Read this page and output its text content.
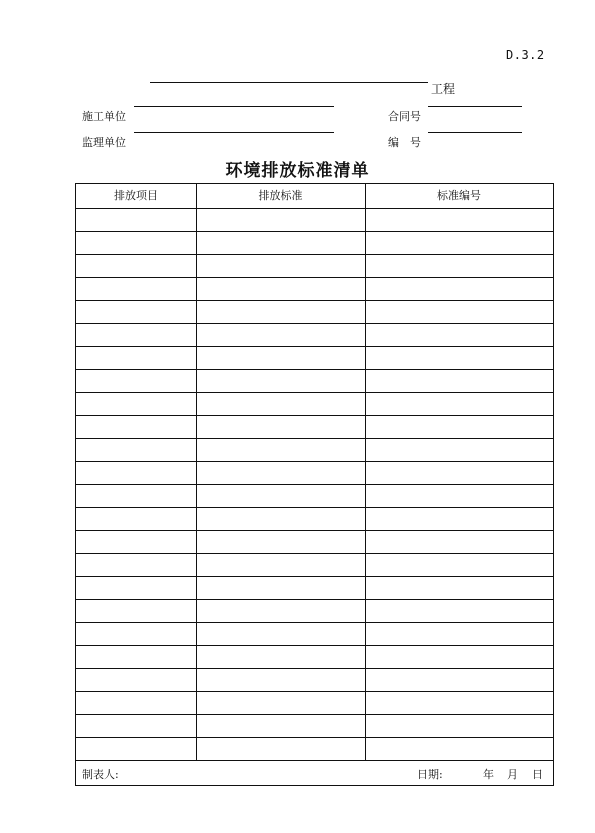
D.3.2
工程
施工单位	合同号
监理单位	编　号
环境排放标准清单
排放项目	排放标准	标准编号
制表人:	日期:	年 月 日
